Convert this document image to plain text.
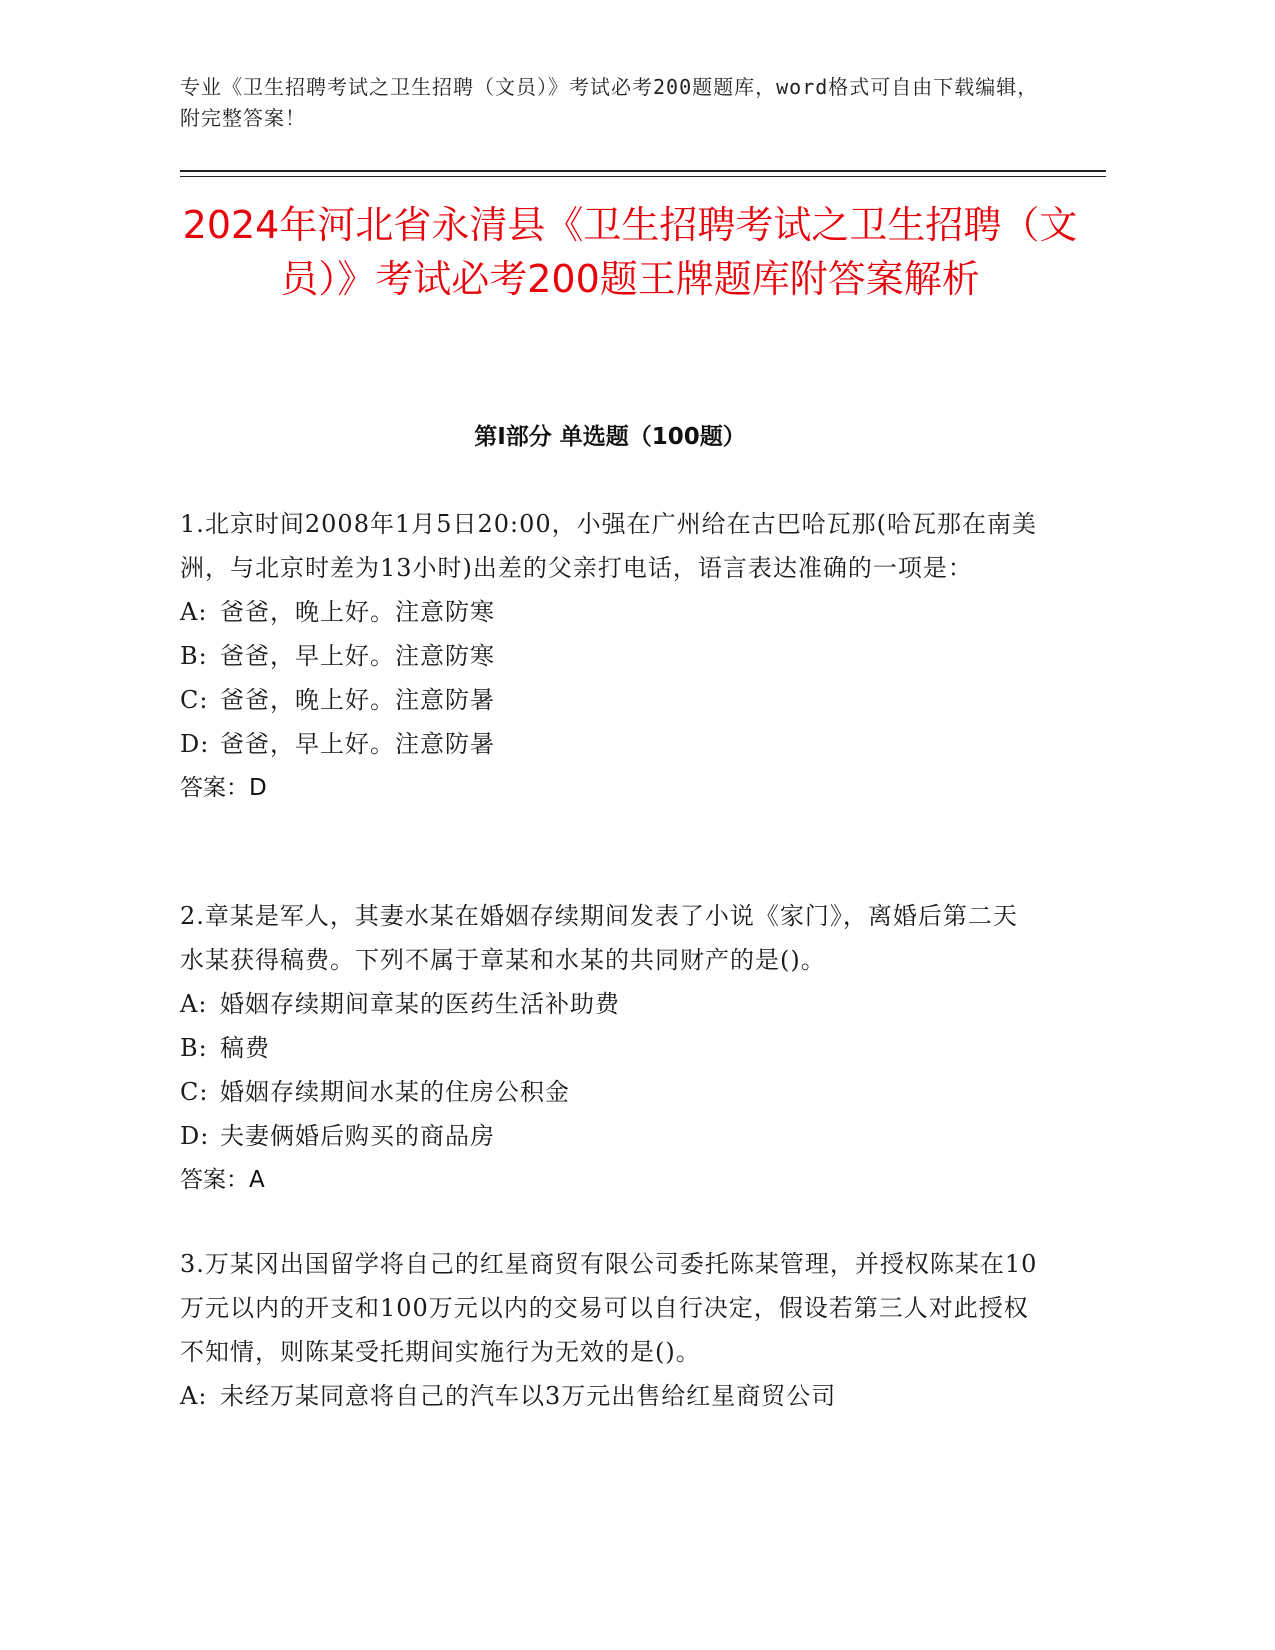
专业《卫生招聘考试之卫生招聘（文员）》考试必考200题题库，word格式可自由下载编辑，附完整答案！
2024年河北省永清县《卫生招聘考试之卫生招聘（文员）》考试必考200题王牌题库附答案解析
第Ⅰ部分 单选题（100题）

1.北京时间2008年1月5日20:00，小强在广州给在古巴哈瓦那(哈瓦那在南美洲，与北京时差为13小时)出差的父亲打电话，语言表达准确的一项是：

A: 爸爸，晚上好。注意防寒

B: 爸爸，早上好。注意防寒

C: 爸爸，晚上好。注意防暑

D: 爸爸，早上好。注意防暑

答案：D

2.章某是军人，其妻水某在婚姻存续期间发表了小说《家门》，离婚后第二天水某获得稿费。下列不属于章某和水某的共同财产的是()。

A: 婚姻存续期间章某的医药生活补助费

B: 稿费

C: 婚姻存续期间水某的住房公积金

D: 夫妻俩婚后购买的商品房

答案：A

3.万某冈出国留学将自己的红星商贸有限公司委托陈某管理，并授权陈某在10万元以内的开支和100万元以内的交易可以自行决定，假设若第三人对此授权不知情，则陈某受托期间实施行为无效的是()。

A: 未经万某同意将自己的汽车以3万元出售给红星商贸公司
